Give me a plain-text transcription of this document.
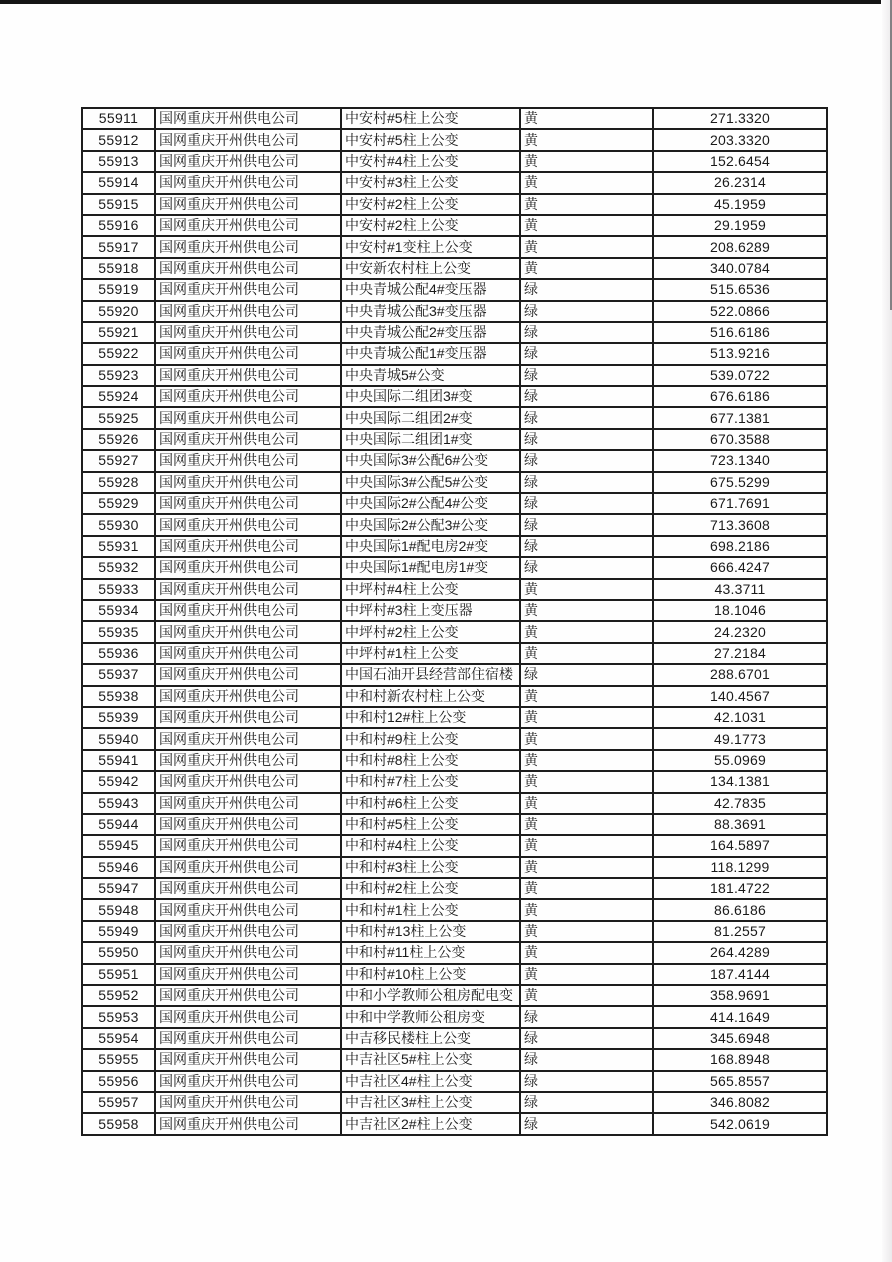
55911	国网重庆开州供电公司	中安村#5柱上公变	黄	271.3320
55912	国网重庆开州供电公司	中安村#5柱上公变	黄	203.3320
55913	国网重庆开州供电公司	中安村#4柱上公变	黄	152.6454
55914	国网重庆开州供电公司	中安村#3柱上公变	黄	26.2314
55915	国网重庆开州供电公司	中安村#2柱上公变	黄	45.1959
55916	国网重庆开州供电公司	中安村#2柱上公变	黄	29.1959
55917	国网重庆开州供电公司	中安村#1变柱上公变	黄	208.6289
55918	国网重庆开州供电公司	中安新农村柱上公变	黄	340.0784
55919	国网重庆开州供电公司	中央青城公配4#变压器	绿	515.6536
55920	国网重庆开州供电公司	中央青城公配3#变压器	绿	522.0866
55921	国网重庆开州供电公司	中央青城公配2#变压器	绿	516.6186
55922	国网重庆开州供电公司	中央青城公配1#变压器	绿	513.9216
55923	国网重庆开州供电公司	中央青城5#公变	绿	539.0722
55924	国网重庆开州供电公司	中央国际二组团3#变	绿	676.6186
55925	国网重庆开州供电公司	中央国际二组团2#变	绿	677.1381
55926	国网重庆开州供电公司	中央国际二组团1#变	绿	670.3588
55927	国网重庆开州供电公司	中央国际3#公配6#公变	绿	723.1340
55928	国网重庆开州供电公司	中央国际3#公配5#公变	绿	675.5299
55929	国网重庆开州供电公司	中央国际2#公配4#公变	绿	671.7691
55930	国网重庆开州供电公司	中央国际2#公配3#公变	绿	713.3608
55931	国网重庆开州供电公司	中央国际1#配电房2#变	绿	698.2186
55932	国网重庆开州供电公司	中央国际1#配电房1#变	绿	666.4247
55933	国网重庆开州供电公司	中坪村#4柱上公变	黄	43.3711
55934	国网重庆开州供电公司	中坪村#3柱上变压器	黄	18.1046
55935	国网重庆开州供电公司	中坪村#2柱上公变	黄	24.2320
55936	国网重庆开州供电公司	中坪村#1柱上公变	黄	27.2184
55937	国网重庆开州供电公司	中国石油开县经营部住宿楼	绿	288.6701
55938	国网重庆开州供电公司	中和村新农村柱上公变	黄	140.4567
55939	国网重庆开州供电公司	中和村12#柱上公变	黄	42.1031
55940	国网重庆开州供电公司	中和村#9柱上公变	黄	49.1773
55941	国网重庆开州供电公司	中和村#8柱上公变	黄	55.0969
55942	国网重庆开州供电公司	中和村#7柱上公变	黄	134.1381
55943	国网重庆开州供电公司	中和村#6柱上公变	黄	42.7835
55944	国网重庆开州供电公司	中和村#5柱上公变	黄	88.3691
55945	国网重庆开州供电公司	中和村#4柱上公变	黄	164.5897
55946	国网重庆开州供电公司	中和村#3柱上公变	黄	118.1299
55947	国网重庆开州供电公司	中和村#2柱上公变	黄	181.4722
55948	国网重庆开州供电公司	中和村#1柱上公变	黄	86.6186
55949	国网重庆开州供电公司	中和村#13柱上公变	黄	81.2557
55950	国网重庆开州供电公司	中和村#11柱上公变	黄	264.4289
55951	国网重庆开州供电公司	中和村#10柱上公变	黄	187.4144
55952	国网重庆开州供电公司	中和小学教师公租房配电变	黄	358.9691
55953	国网重庆开州供电公司	中和中学教师公租房变	绿	414.1649
55954	国网重庆开州供电公司	中吉移民楼柱上公变	绿	345.6948
55955	国网重庆开州供电公司	中吉社区5#柱上公变	绿	168.8948
55956	国网重庆开州供电公司	中吉社区4#柱上公变	绿	565.8557
55957	国网重庆开州供电公司	中吉社区3#柱上公变	绿	346.8082
55958	国网重庆开州供电公司	中吉社区2#柱上公变	绿	542.0619
